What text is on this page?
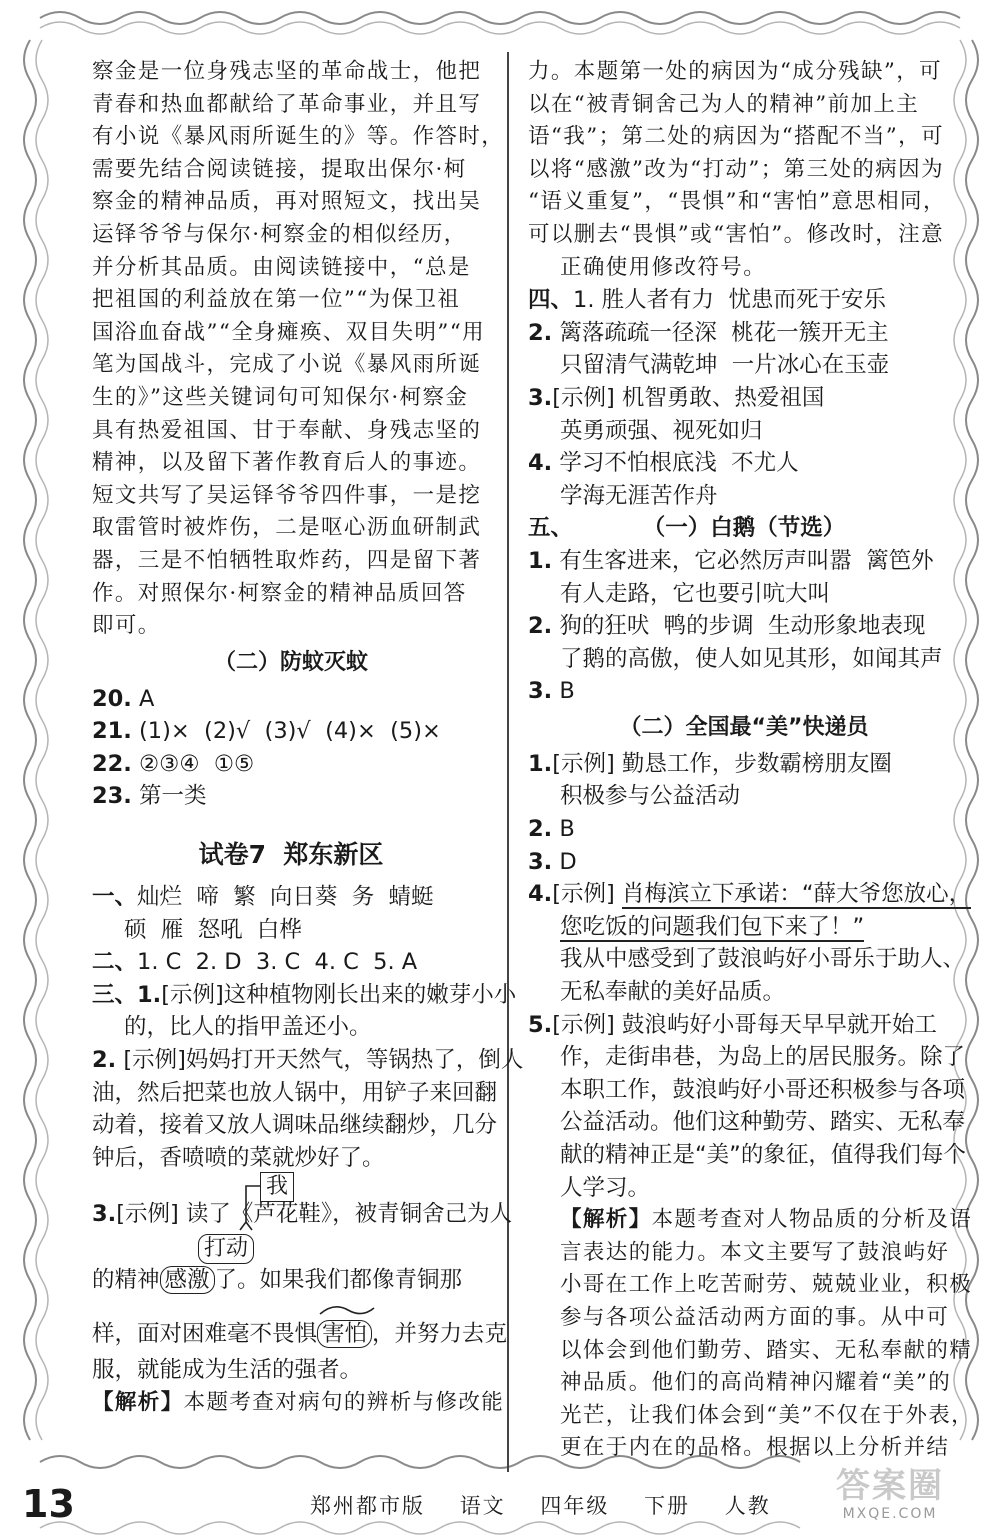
察金是一位身残志坚的革命战士，他把
青春和热血都献给了革命事业，并且写
有小说《暴风雨所诞生的》等。作答时，
需要先结合阅读链接，提取出保尔·柯
察金的精神品质，再对照短文，找出吴
运铎爷爷与保尔·柯察金的相似经历，
并分析其品质。由阅读链接中，“总是
把祖国的利益放在第一位”“为保卫祖
国浴血奋战”“全身瘫痪、双目失明”“用
笔为国战斗，完成了小说《暴风雨所诞
生的》”这些关键词句可知保尔·柯察金
具有热爱祖国、甘于奉献、身残志坚的
精神，以及留下著作教育后人的事迹。
短文共写了吴运铎爷爷四件事，一是挖
取雷管时被炸伤，二是呕心沥血研制武
器，三是不怕牺牲取炸药，四是留下著
作。对照保尔·柯察金的精神品质回答
即可。
（二）防蚊灭蚊
20. A
21. (1)×  (2)√  (3)√  (4)×  (5)×
22. ②③④  ①⑤
23. 第一类
试卷7  郑东新区
一、灿烂  啼  繁  向日葵  务  蜻蜓
硕  雁  怒吼  白桦
二、1. C  2. D  3. C  4. C  5. A
三、1.[示例]这种植物刚长出来的嫩芽小小
的，比人的指甲盖还小。
2. [示例]妈妈打开天然气，等锅热了，倒人
油，然后把菜也放人锅中，用铲子来回翻
动着，接着又放人调味品继续翻炒，几分
钟后，香喷喷的菜就炒好了。
我
3.[示例] 读了《芦花鞋》，被青铜舍己为人
打动
的精神 感激 了。如果我们都像青铜那
样，面对困难毫不畏惧 害怕 ，并努力去克
服，就能成为生活的强者。
【解析】本题考查对病句的辨析与修改能
力。本题第一处的病因为“成分残缺”，可
以在“被青铜舍己为人的精神”前加上主
语“我”；第二处的病因为“搭配不当”，可
以将“感激”改为“打动”；第三处的病因为
“语义重复”，“畏惧”和“害怕”意思相同，
可以删去“畏惧”或“害怕”。修改时，注意
正确使用修改符号。
四、1. 胜人者有力  忧患而死于安乐
2. 篱落疏疏一径深  桃花一簇开无主
只留清气满乾坤  一片冰心在玉壶
3.[示例] 机智勇敢、热爱祖国
英勇顽强、视死如归
4. 学习不怕根底浅  不尤人
学海无涯苦作舟
五、	（一）白鹅（节选）
1. 有生客进来，它必然厉声叫嚣  篱笆外
有人走路，它也要引吭大叫
2. 狗的狂吠  鸭的步调  生动形象地表现
了鹅的高傲，使人如见其形，如闻其声
3. B
（二）全国最“美”快递员
1.[示例] 勤恳工作，步数霸榜朋友圈
积极参与公益活动
2. B
3. D
4.[示例] 肖梅滨立下承诺：“薛大爷您放心，
您吃饭的问题我们包下来了！”
我从中感受到了鼓浪屿好小哥乐于助人、
无私奉献的美好品质。
5.[示例] 鼓浪屿好小哥每天早早就开始工
作，走街串巷，为岛上的居民服务。除了
本职工作，鼓浪屿好小哥还积极参与各项
公益活动。他们这种勤劳、踏实、无私奉
献的精神正是“美”的象征，值得我们每个
人学习。
【解析】本题考查对人物品质的分析及语
言表达的能力。本文主要写了鼓浪屿好
小哥在工作上吃苦耐劳、兢兢业业，积极
参与各项公益活动两方面的事。从中可
以体会到他们勤劳、踏实、无私奉献的精
神品质。他们的高尚精神闪耀着“美”的
光芒，让我们体会到“美”不仅在于外表，
更在于内在的品格。根据以上分析并结
13	郑州都市版 语文 四年级 下册 人教	答案圈
MXQE.COM
